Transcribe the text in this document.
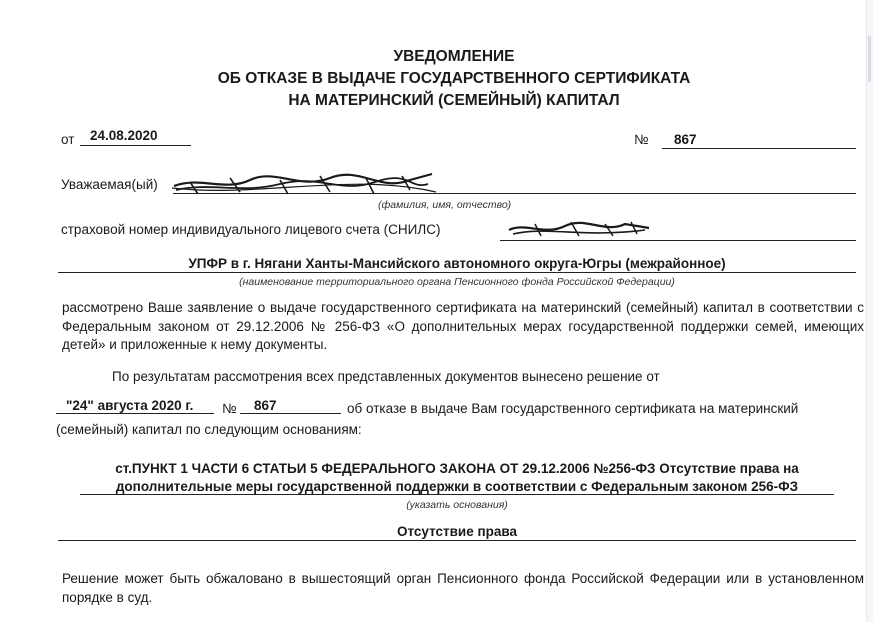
УВЕДОМЛЕНИЕ
ОБ ОТКАЗЕ В ВЫДАЧЕ ГОСУДАРСТВЕННОГО СЕРТИФИКАТА
НА МАТЕРИНСКИЙ (СЕМЕЙНЫЙ) КАПИТАЛ
от 24.08.2020	№ 867
Уважаемая(ый)
(фамилия, имя, отчество)
страховой номер индивидуального лицевого счета (СНИЛС)
УПФР в г. Нягани Ханты-Мансийского автономного округа-Югры (межрайонное)
(наименование территориального органа Пенсионного фонда Российской Федерации)
рассмотрено Ваше заявление о выдаче государственного сертификата на материнский (семейный) капитал в соответствии с Федеральным законом от 29.12.2006 № 256-ФЗ «О дополнительных мерах государственной поддержки семей, имеющих детей» и приложенные к нему документы.
По результатам рассмотрения всех представленных документов вынесено решение от
"24" августа 2020 г. № 867	об отказе в выдаче Вам государственного сертификата на материнский
(семейный) капитал по следующим основаниям:
ст.ПУНКТ 1 ЧАСТИ 6 СТАТЬИ 5 ФЕДЕРАЛЬНОГО ЗАКОНА ОТ 29.12.2006 №256-ФЗ Отсутствие права на
дополнительные меры государственной поддержки в соответствии с Федеральным законом 256-ФЗ
(указать основания)
Отсутствие права
Решение может быть обжаловано в вышестоящий орган Пенсионного фонда Российской Федерации или в установленном порядке в суд.
